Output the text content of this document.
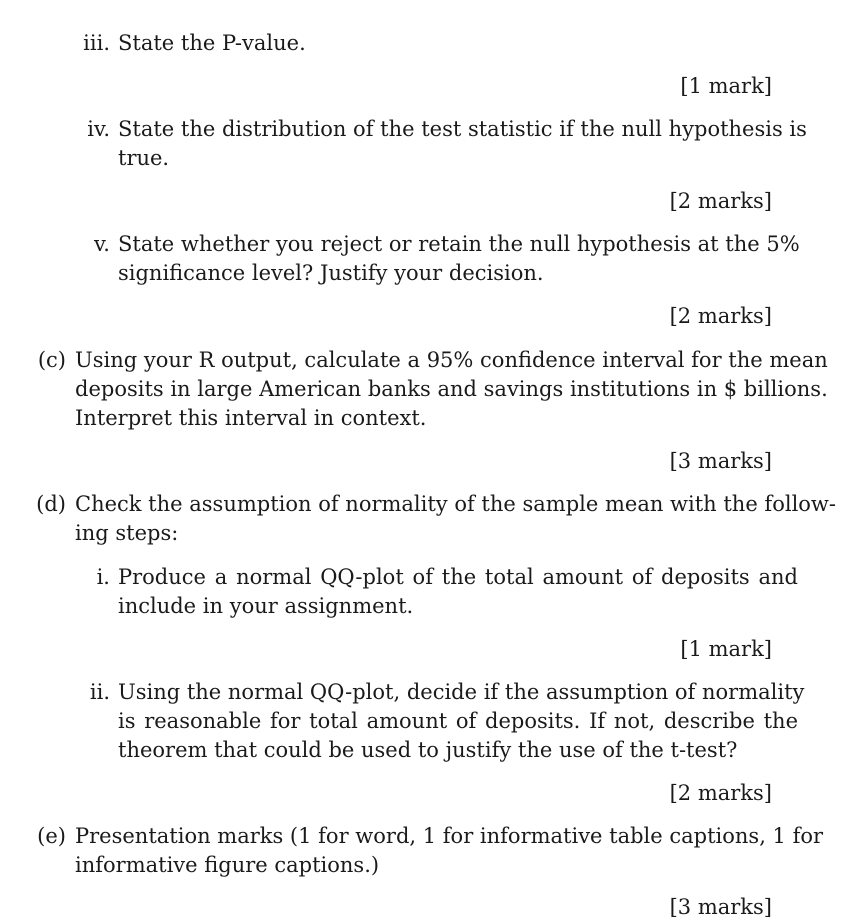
iii. State the P-value.
[1 mark]
iv. State the distribution of the test statistic if the null hypothesis is
true.
[2 marks]
v. State whether you reject or retain the null hypothesis at the 5%
significance level? Justify your decision.
[2 marks]
(c) Using your R output, calculate a 95% confidence interval for the mean
deposits in large American banks and savings institutions in $ billions.
Interpret this interval in context.
[3 marks]
(d) Check the assumption of normality of the sample mean with the follow-
ing steps:
i. Produce a normal QQ-plot of the total amount of deposits and
include in your assignment.
[1 mark]
ii. Using the normal QQ-plot, decide if the assumption of normality
is reasonable for total amount of deposits. If not, describe the
theorem that could be used to justify the use of the t-test?
[2 marks]
(e) Presentation marks (1 for word, 1 for informative table captions, 1 for
informative figure captions.)
[3 marks]
